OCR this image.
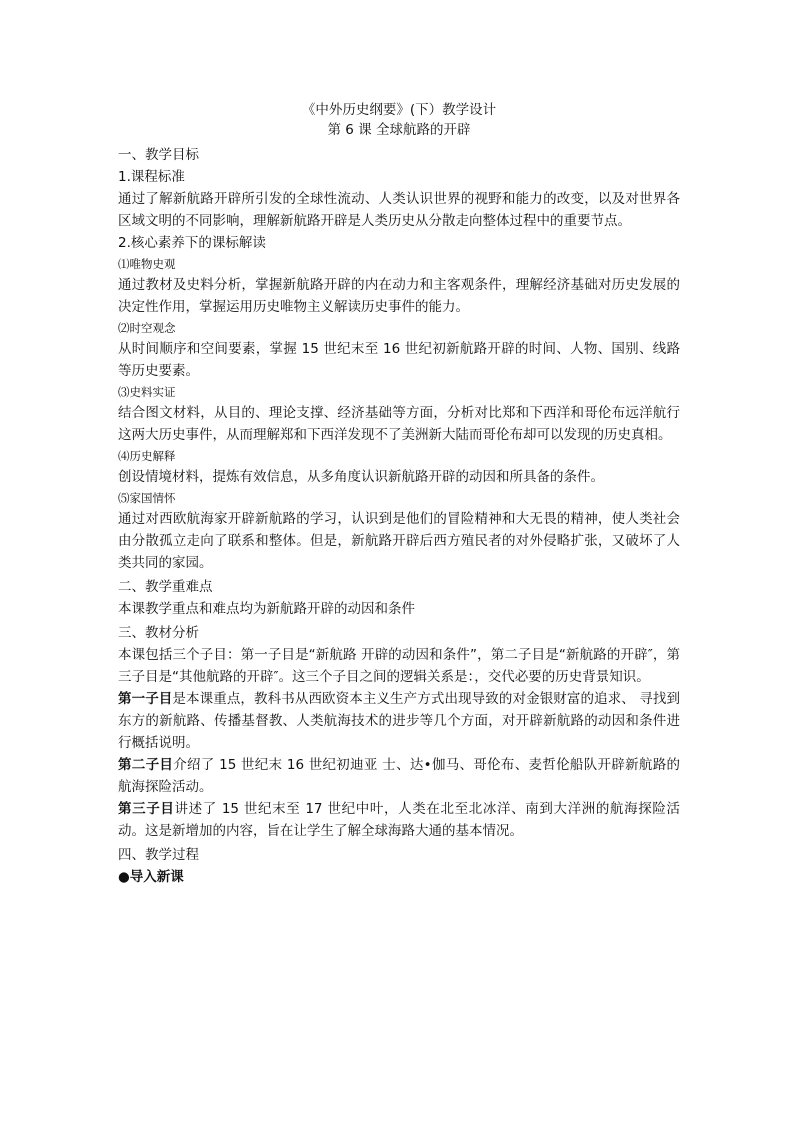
《中外历史纲要》(下）教学设计
第 6 课 全球航路的开辟
一、教学目标
1.课程标准
通过了解新航路开辟所引发的全球性流动、人类认识世界的视野和能力的改变，以及对世界各区域文明的不同影响，理解新航路开辟是人类历史从分散走向整体过程中的重要节点。
2.核心素养下的课标解读
⑴唯物史观
通过教材及史料分析，掌握新航路开辟的内在动力和主客观条件，理解经济基础对历史发展的决定性作用，掌握运用历史唯物主义解读历史事件的能力。
⑵时空观念
从时间顺序和空间要素，掌握 15 世纪末至 16 世纪初新航路开辟的时间、人物、国别、线路等历史要素。
⑶史料实证
结合图文材料，从目的、理论支撑、经济基础等方面，分析对比郑和下西洋和哥伦布远洋航行这两大历史事件，从而理解郑和下西洋发现不了美洲新大陆而哥伦布却可以发现的历史真相。
⑷历史解释
创设情境材料，提炼有效信息，从多角度认识新航路开辟的动因和所具备的条件。
⑸家国情怀
通过对西欧航海家开辟新航路的学习，认识到是他们的冒险精神和大无畏的精神，使人类社会由分散孤立走向了联系和整体。但是，新航路开辟后西方殖民者的对外侵略扩张，又破坏了人类共同的家园。
二、教学重难点
本课教学重点和难点均为新航路开辟的动因和条件
三、教材分析
本课包括三个子目：第一子目是“新航路 开辟的动因和条件”，第二子目是“新航路的开辟″，第三子目是“其他航路的开辟″。这三个子目之间的逻辑关系是：，交代必要的历史背景知识。
第一子目是本课重点，教科书从西欧资本主义生产方式出现导致的对金银财富的追求、 寻找到东方的新航路、传播基督教、人类航海技术的进步等几个方面，对开辟新航路的动因和条件进行概括说明。
第二子目介绍了 15 世纪末 16 世纪初迪亚 士、达•伽马、哥伦布、麦哲伦船队开辟新航路的航海探险活动。
第三子目讲述了 15 世纪末至 17 世纪中叶，人类在北至北冰洋、南到大洋洲的航海探险活动。这是新增加的内容，旨在让学生了解全球海路大通的基本情况。
四、教学过程
●导入新课
